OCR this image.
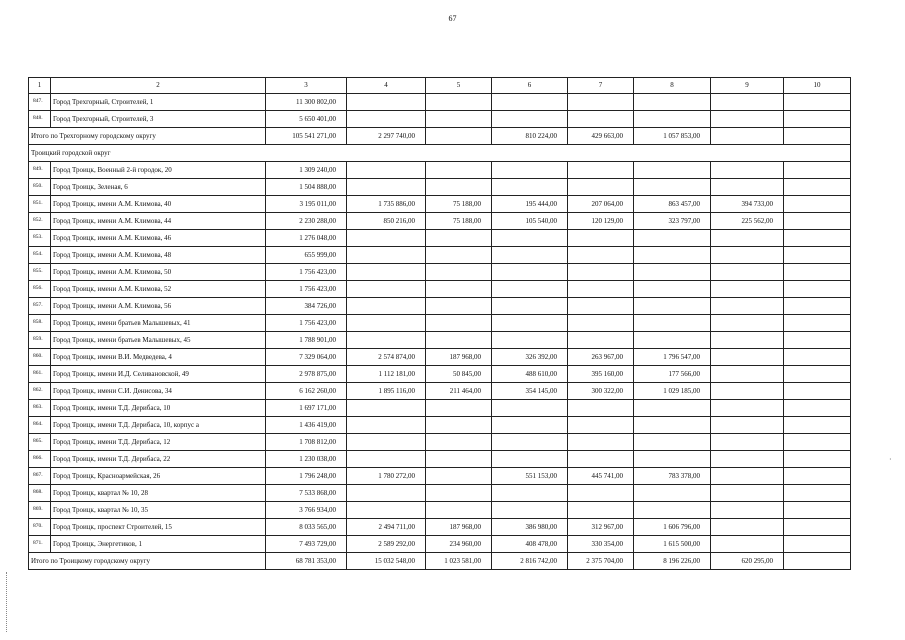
67
1	2	3	4	5	6	7	8	9	10
847.	Город Трехгорный, Строителей, 1	11 300 802,00							
848.	Город Трехгорный, Строителей, 3	5 650 401,00							
Итого по Трехгорному городскому округу		105 541 271,00	2 297 740,00		810 224,00	429 663,00	1 057 853,00		
Троицкий городской округ									
849.	Город Троицк, Военный 2-й городок, 20	1 309 240,00							
850.	Город Троицк, Зеленая, 6	1 504 888,00							
851.	Город Троицк, имени А.М. Климова, 40	3 195 011,00	1 735 886,00	75 188,00	195 444,00	207 064,00	863 457,00	394 733,00	
852.	Город Троицк, имени А.М. Климова, 44	2 230 288,00	850 216,00	75 188,00	105 540,00	120 129,00	323 797,00	225 562,00	
853.	Город Троицк, имени А.М. Климова, 46	1 276 048,00							
854.	Город Троицк, имени А.М. Климова, 48	655 999,00							
855.	Город Троицк, имени А.М. Климова, 50	1 756 423,00							
856.	Город Троицк, имени А.М. Климова, 52	1 756 423,00							
857.	Город Троицк, имени А.М. Климова, 56	384 726,00							
858.	Город Троицк, имени братьев Малышевых, 41	1 756 423,00							
859.	Город Троицк, имени братьев Малышевых, 45	1 788 901,00							
860.	Город Троицк, имени В.И. Медведева, 4	7 329 064,00	2 574 874,00	187 968,00	326 392,00	263 967,00	1 796 547,00		
861.	Город Троицк, имени И.Д. Селивановской, 49	2 978 875,00	1 112 181,00	50 845,00	488 610,00	395 160,00	177 566,00		
862.	Город Троицк, имени С.И. Денисова, 34	6 162 260,00	1 895 116,00	211 464,00	354 145,00	300 322,00	1 029 185,00		
863.	Город Троицк, имени Т.Д. Дерибаса, 10	1 697 171,00							
864.	Город Троицк, имени Т.Д. Дерибаса, 10, корпус а	1 436 419,00							
865.	Город Троицк, имени Т.Д. Дерибаса, 12	1 708 812,00							
866.	Город Троицк, имени Т.Д. Дерибаса, 22	1 230 038,00							
867.	Город Троицк, Красноармейская, 26	1 796 248,00	1 780 272,00		551 153,00	445 741,00	783 378,00		
868.	Город Троицк, квартал № 10, 28	7 533 868,00							
869.	Город Троицк, квартал № 10, 35	3 766 934,00							
870.	Город Троицк, проспект Строителей, 15	8 033 565,00	2 494 711,00	187 968,00	386 980,00	312 967,00	1 606 796,00		
871.	Город Троицк, Энергетиков, 1	7 493 729,00	2 589 292,00	234 960,00	408 478,00	330 354,00	1 615 500,00		
Итого по Троицкому городскому округу		68 781 353,00	15 032 548,00	1 023 581,00	2 816 742,00	2 375 704,00	8 196 226,00	620 295,00	
·
